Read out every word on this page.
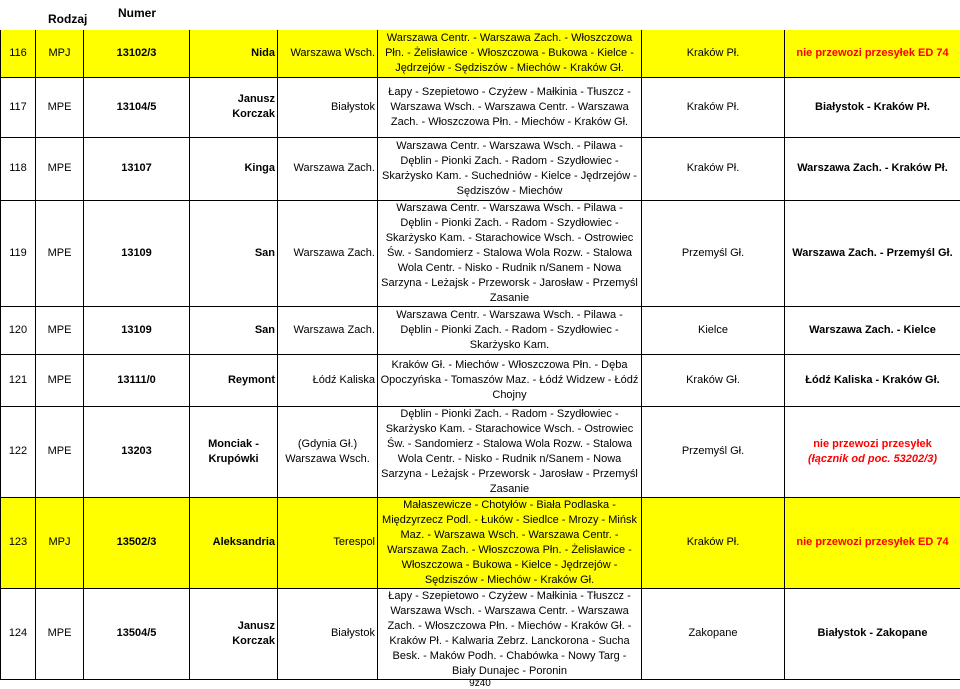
Rodzaj	Numer
116	MPJ	13102/3	Nida	Warszawa Wsch.	Warszawa Centr. - Warszawa Zach. - Włoszczowa Płn. - Żelisławice - Włoszczowa - Bukowa - Kielce - Jędrzejów - Sędziszów - Miechów - Kraków Gł.	Kraków Pł.	nie przewozi przesyłek ED 74
117	MPE	13104/5	Janusz Korczak	Białystok	Łapy - Szepietowo - Czyżew - Małkinia - Tłuszcz - Warszawa Wsch. - Warszawa Centr. - Warszawa Zach. - Włoszczowa Płn. - Miechów - Kraków Gł.	Kraków Pł.	Białystok - Kraków Pł.
118	MPE	13107	Kinga	Warszawa Zach.	Warszawa Centr. - Warszawa Wsch. - Pilawa - Dęblin - Pionki Zach. - Radom - Szydłowiec - Skarżysko Kam. - Suchedniów - Kielce - Jędrzejów - Sędziszów - Miechów	Kraków Pł.	Warszawa Zach. - Kraków Pł.
119	MPE	13109	San	Warszawa Zach.	Warszawa Centr. - Warszawa Wsch. - Pilawa - Dęblin - Pionki Zach. - Radom - Szydłowiec - Skarżysko Kam. - Starachowice Wsch. - Ostrowiec Św. - Sandomierz - Stalowa Wola Rozw. - Stalowa Wola Centr. - Nisko - Rudnik n/Sanem - Nowa Sarzyna - Leżajsk - Przeworsk - Jarosław - Przemyśl Zasanie	Przemyśl Gł.	Warszawa Zach. - Przemyśl Gł.
120	MPE	13109	San	Warszawa Zach.	Warszawa Centr. - Warszawa Wsch. - Pilawa - Dęblin - Pionki Zach. - Radom - Szydłowiec - Skarżysko Kam.	Kielce	Warszawa Zach. - Kielce
121	MPE	13111/0	Reymont	Łódź Kaliska	Kraków Gł. - Miechów - Włoszczowa Płn. - Dęba Opoczyńska - Tomaszów Maz. - Łódź Widzew - Łódź Chojny	Kraków Gł.	Łódź Kaliska - Kraków Gł.
122	MPE	13203	Monciak - Krupówki	(Gdynia Gł.) Warszawa Wsch.	Dęblin - Pionki Zach. - Radom - Szydłowiec - Skarżysko Kam. - Starachowice Wsch. - Ostrowiec Św. - Sandomierz - Stalowa Wola Rozw. - Stalowa Wola Centr. - Nisko - Rudnik n/Sanem - Nowa Sarzyna - Leżajsk - Przeworsk - Jarosław - Przemyśl Zasanie	Przemyśl Gł.	nie przewozi przesyłek
(łącznik od poc. 53202/3)
123	MPJ	13502/3	Aleksandria	Terespol	Małaszewicze - Chotyłów - Biała Podlaska - Międzyrzecz Podl. - Łuków - Siedlce - Mrozy - Mińsk Maz. - Warszawa Wsch. - Warszawa Centr. - Warszawa Zach. - Włoszczowa Płn. - Żelisławice - Włoszczowa - Bukowa - Kielce - Jędrzejów - Sędziszów - Miechów - Kraków Gł.	Kraków Pł.	nie przewozi przesyłek ED 74
124	MPE	13504/5	Janusz Korczak	Białystok	Łapy - Szepietowo - Czyżew - Małkinia - Tłuszcz - Warszawa Wsch. - Warszawa Centr. - Warszawa Zach. - Włoszczowa Płn. - Miechów - Kraków Gł. - Kraków Pł. - Kalwaria Zebrz. Lanckorona - Sucha Besk. - Maków Podh. - Chabówka - Nowy Targ - Biały Dunajec - Poronin	Zakopane	Białystok - Zakopane
9z40
